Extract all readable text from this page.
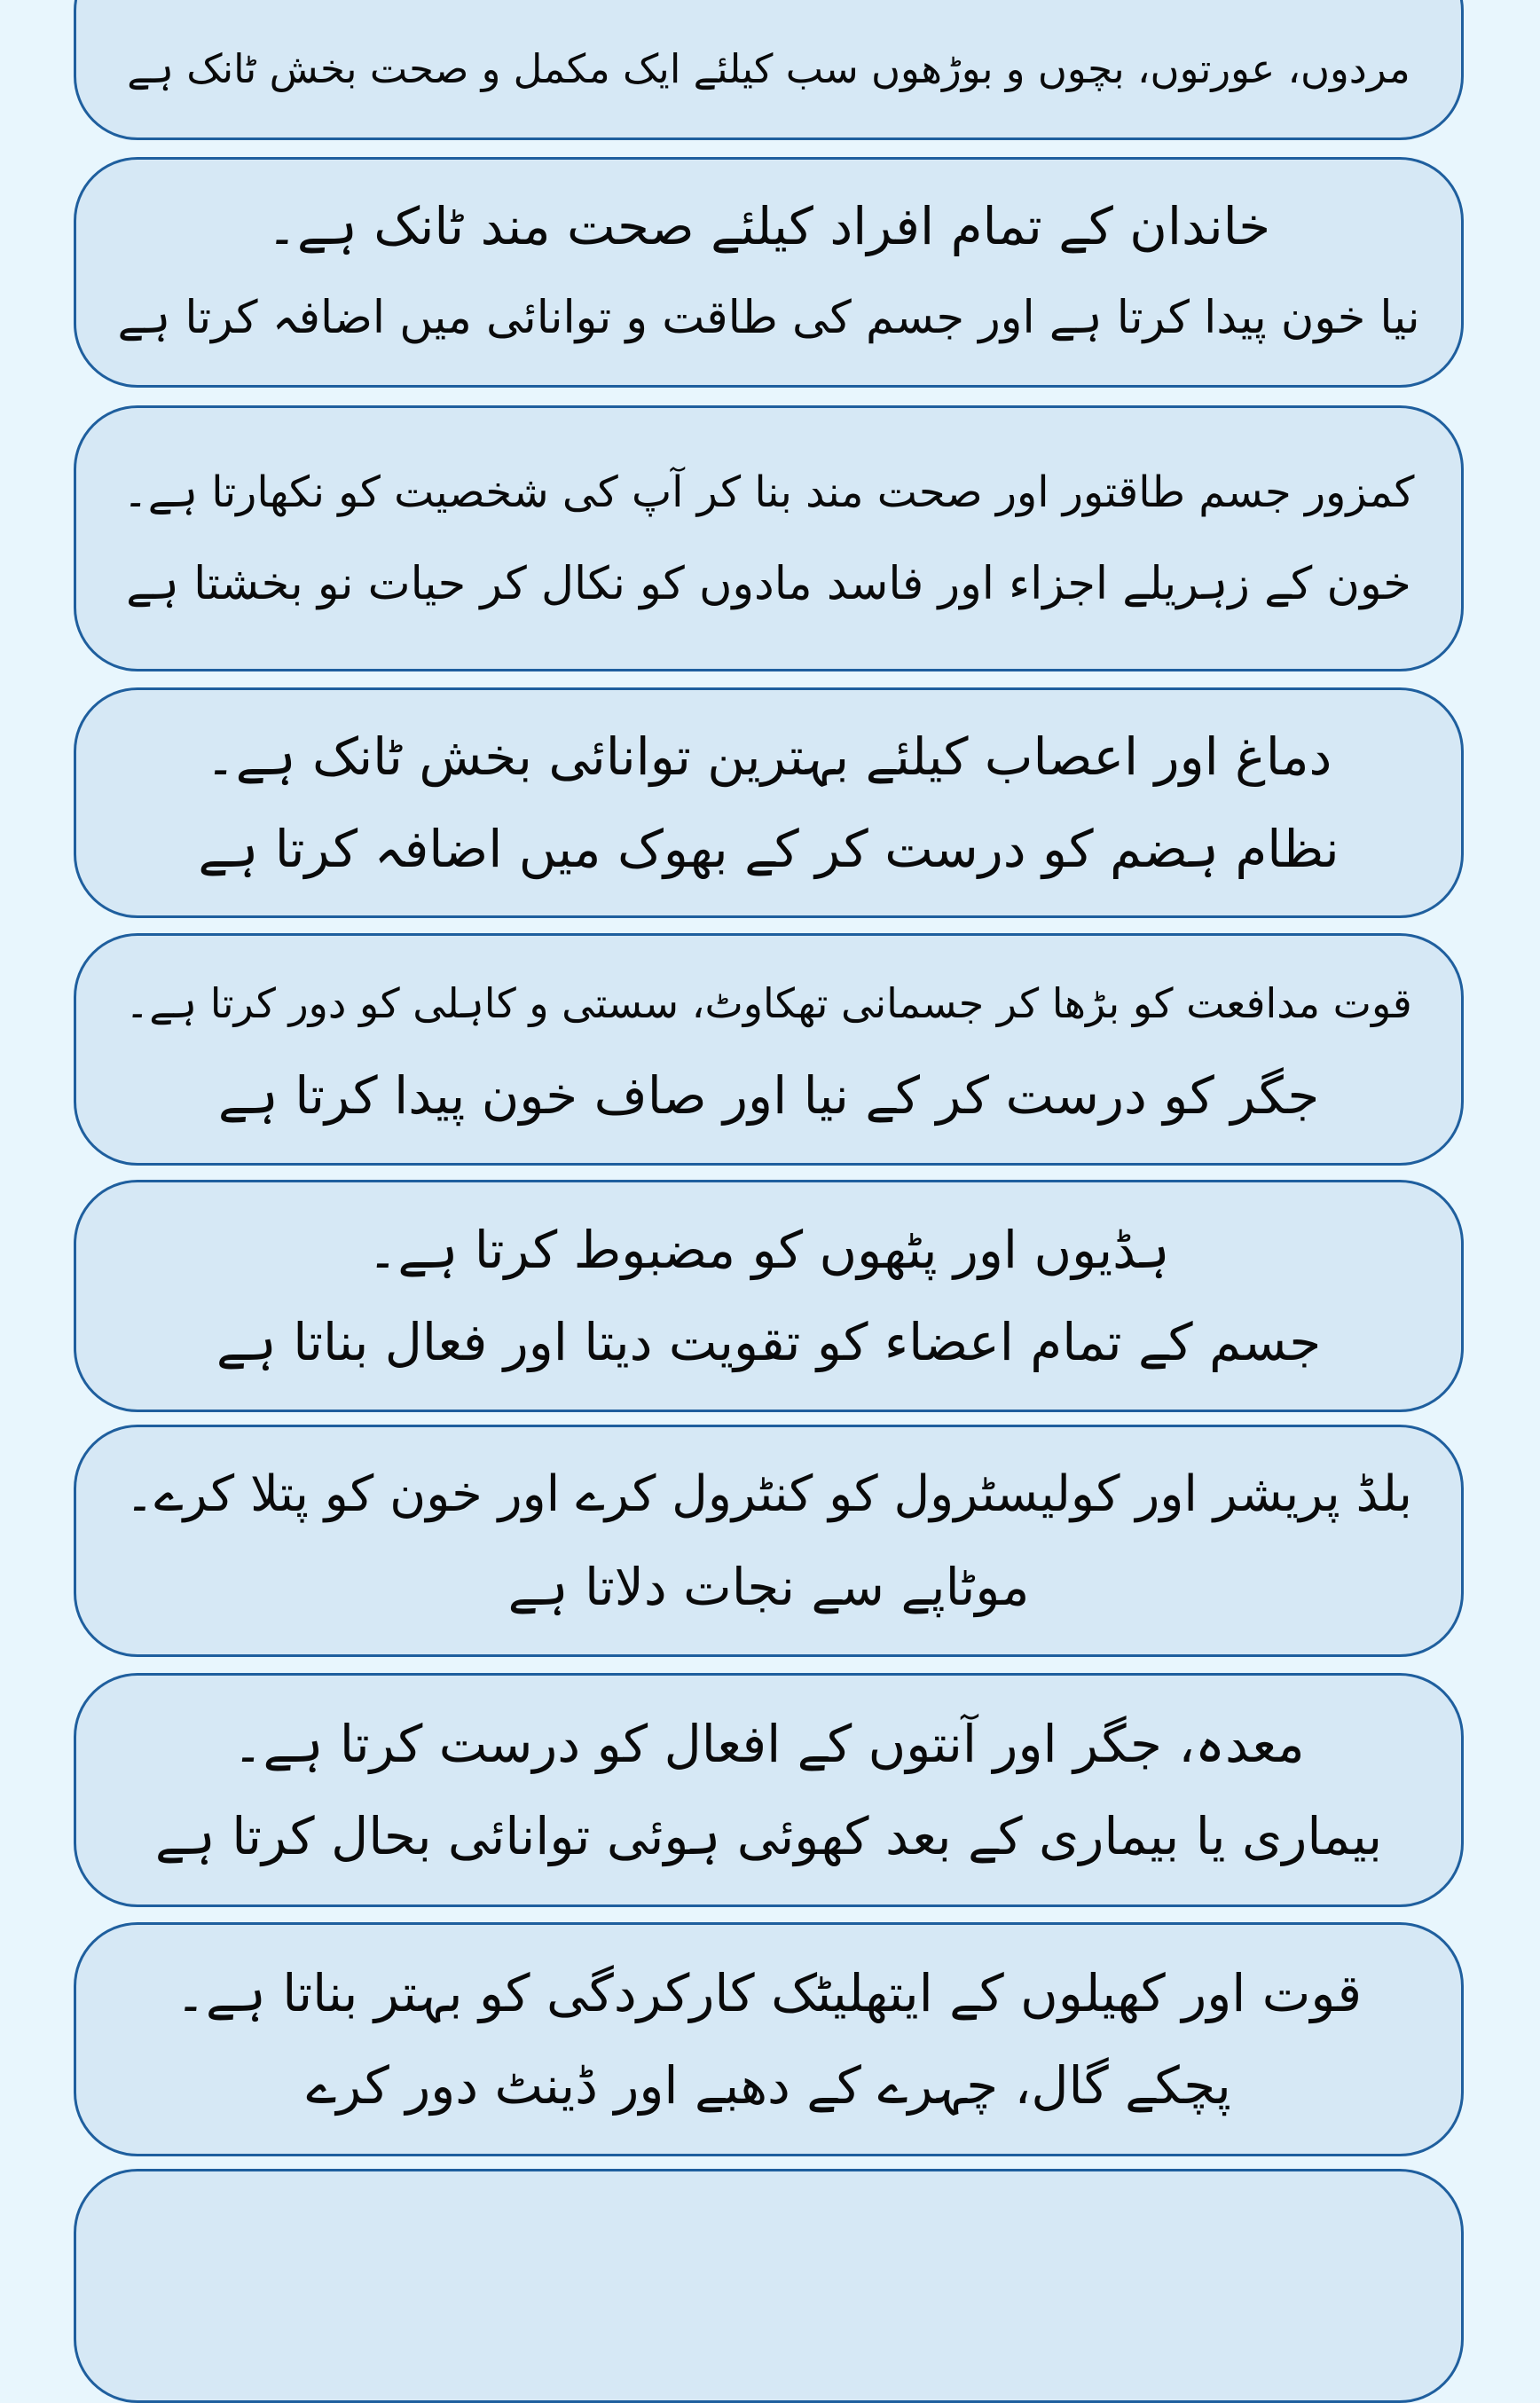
مردوں، عورتوں، بچوں و بوڑھوں سب کیلئے ایک مکمل و صحت بخش ٹانک ہے
خاندان کے تمام افراد کیلئے صحت مند ٹانک ہے۔
نیا خون پیدا کرتا ہے اور جسم کی طاقت و توانائی میں اضافہ کرتا ہے
کمزور جسم طاقتور اور صحت مند بنا کر آپ کی شخصیت کو نکھارتا ہے۔
خون کے زہریلے اجزاء اور فاسد مادوں کو نکال کر حیات نو بخشتا ہے
دماغ اور اعصاب کیلئے بہترین توانائی بخش ٹانک ہے۔
نظام ہضم کو درست کر کے بھوک میں اضافہ کرتا ہے
قوت مدافعت کو بڑھا کر جسمانی تھکاوٹ، سستی و کاہلی کو دور کرتا ہے۔
جگر کو درست کر کے نیا اور صاف خون پیدا کرتا ہے
ہڈیوں اور پٹھوں کو مضبوط کرتا ہے۔
جسم کے تمام اعضاء کو تقویت دیتا اور فعال بناتا ہے
بلڈ پریشر اور کولیسٹرول کو کنٹرول کرے اور خون کو پتلا کرے۔
موٹاپے سے نجات دلاتا ہے
معدہ، جگر اور آنتوں کے افعال کو درست کرتا ہے۔
بیماری یا بیماری کے بعد کھوئی ہوئی توانائی بحال کرتا ہے
قوت اور کھیلوں کے ایتھلیٹک کارکردگی کو بہتر بناتا ہے۔
پچکے گال، چہرے کے دھبے اور ڈینٹ دور کرے
